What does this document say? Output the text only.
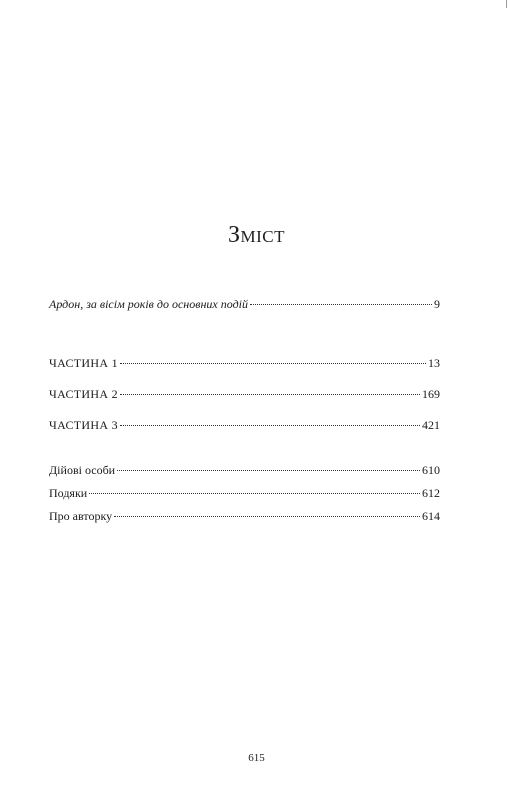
Зміст
Ардон, за вісім років до основних подій	9
ЧАСТИНА 1	13
ЧАСТИНА 2	169
ЧАСТИНА 3	421
Дійові особи	610
Подяки	612
Про авторку	614
615
